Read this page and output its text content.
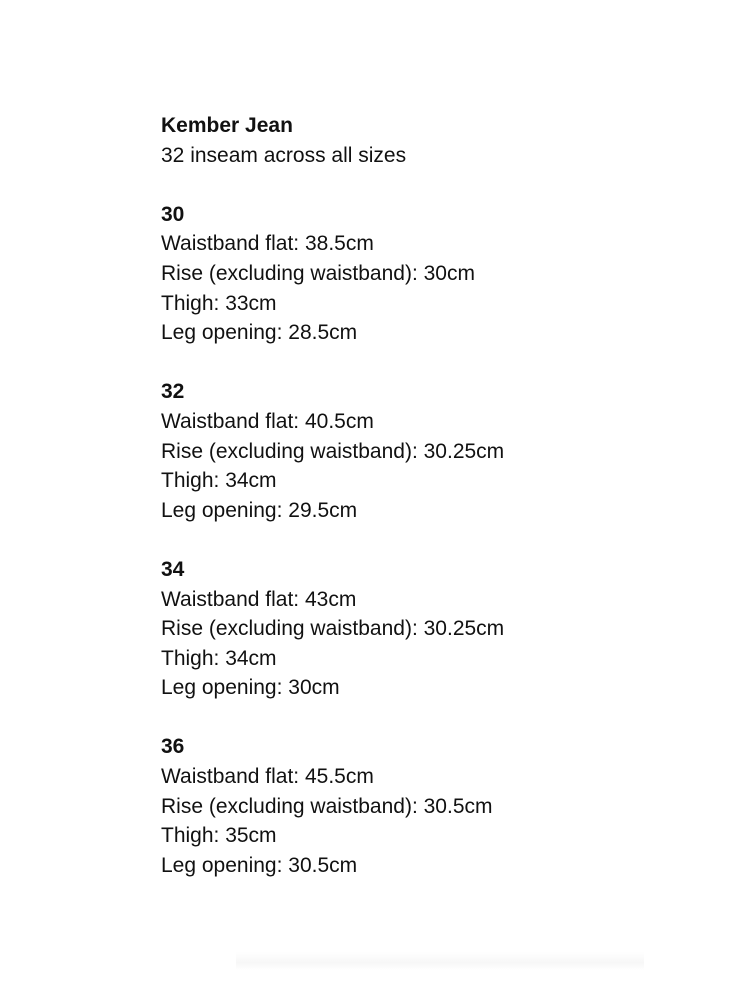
Kember Jean
32 inseam across all sizes
30
Waistband flat: 38.5cm
Rise (excluding waistband): 30cm
Thigh: 33cm
Leg opening: 28.5cm
32
Waistband flat: 40.5cm
Rise (excluding waistband): 30.25cm
Thigh: 34cm
Leg opening: 29.5cm
34
Waistband flat: 43cm
Rise (excluding waistband): 30.25cm
Thigh: 34cm
Leg opening: 30cm
36
Waistband flat: 45.5cm
Rise (excluding waistband): 30.5cm
Thigh: 35cm
Leg opening: 30.5cm
